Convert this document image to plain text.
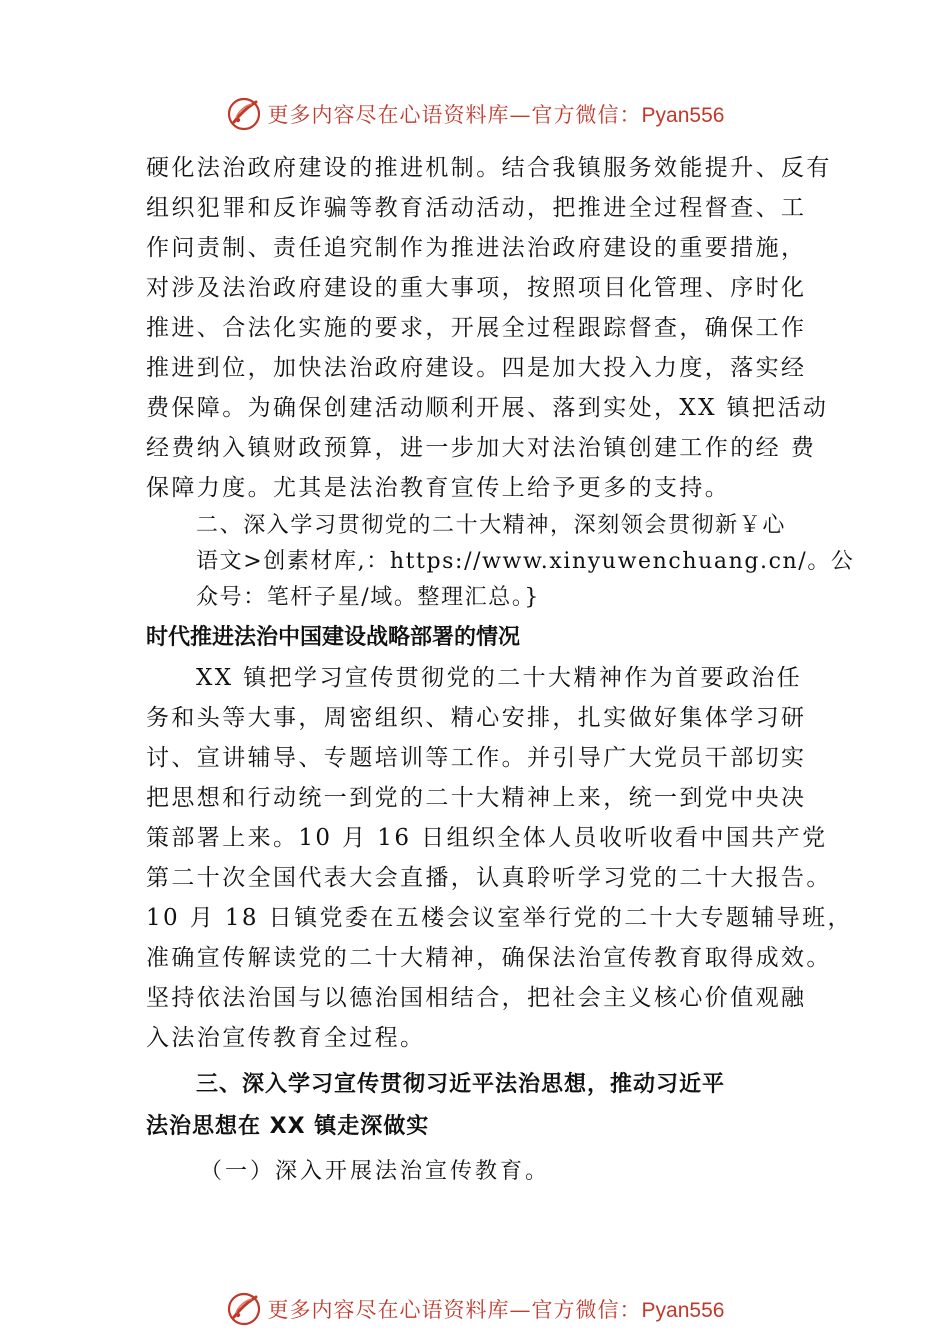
更多内容尽在心语资料库—官方微信：Pyan556

硬化法治政府建设的推进机制。结合我镇服务效能提升、反有

组织犯罪和反诈骗等教育活动活动，把推进全过程督查、工

作问责制、责任追究制作为推进法治政府建设的重要措施，

对涉及法治政府建设的重大事项，按照项目化管理、序时化

推进、合法化实施的要求，开展全过程跟踪督查，确保工作

推进到位，加快法治政府建设。四是加大投入力度，落实经

费保障。为确保创建活动顺利开展、落到实处，XX 镇把活动

经费纳入镇财政预算，进一步加大对法治镇创建工作的经 费

保障力度。尤其是法治教育宣传上给予更多的支持。

二、深入学习贯彻党的二十大精神，深刻领会贯彻新￥心

语文>创素材库,：https://www.xinyuwenchuang.cn/。公

众号：笔杆子星/域。整理汇总。}

时代推进法治中国建设战略部署的情况

XX 镇把学习宣传贯彻党的二十大精神作为首要政治任

务和头等大事，周密组织、精心安排，扎实做好集体学习研

讨、宣讲辅导、专题培训等工作。并引导广大党员干部切实

把思想和行动统一到党的二十大精神上来，统一到党中央决

策部署上来。10 月 16 日组织全体人员收听收看中国共产党

第二十次全国代表大会直播，认真聆听学习党的二十大报告。

10 月 18 日镇党委在五楼会议室举行党的二十大专题辅导班，

准确宣传解读党的二十大精神，确保法治宣传教育取得成效。

坚持依法治国与以德治国相结合，把社会主义核心价值观融

入法治宣传教育全过程。

三、深入学习宣传贯彻习近平法治思想，推动习近平

法治思想在 XX 镇走深做实

（一）深入开展法治宣传教育。

更多内容尽在心语资料库—官方微信：Pyan556
